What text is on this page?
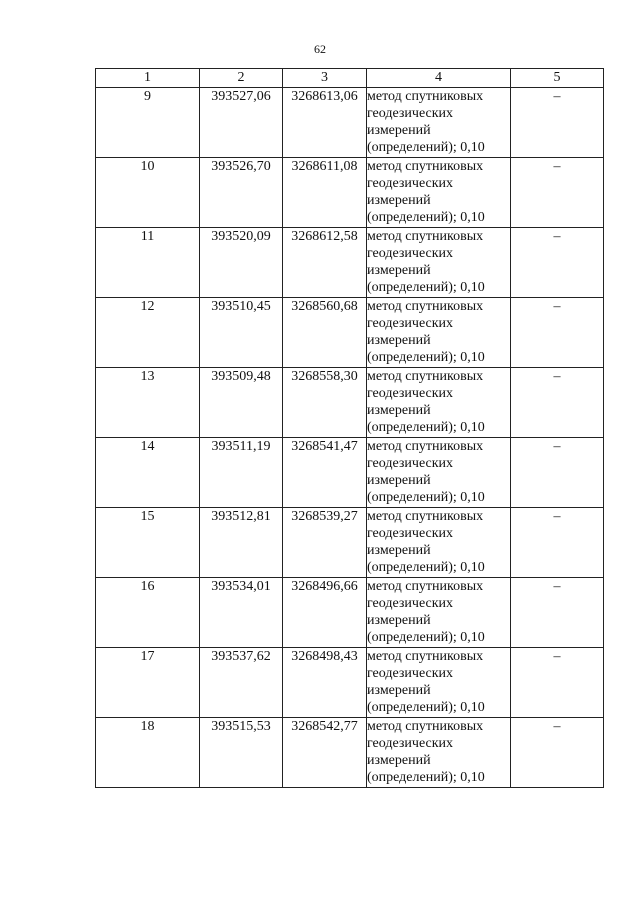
62
1	2	3	4	5
9	393527,06	3268613,06	метод спутниковых
геодезических
измерений
(определений); 0,10	–
10	393526,70	3268611,08	метод спутниковых
геодезических
измерений
(определений); 0,10	–
11	393520,09	3268612,58	метод спутниковых
геодезических
измерений
(определений); 0,10	–
12	393510,45	3268560,68	метод спутниковых
геодезических
измерений
(определений); 0,10	–
13	393509,48	3268558,30	метод спутниковых
геодезических
измерений
(определений); 0,10	–
14	393511,19	3268541,47	метод спутниковых
геодезических
измерений
(определений); 0,10	–
15	393512,81	3268539,27	метод спутниковых
геодезических
измерений
(определений); 0,10	–
16	393534,01	3268496,66	метод спутниковых
геодезических
измерений
(определений); 0,10	–
17	393537,62	3268498,43	метод спутниковых
геодезических
измерений
(определений); 0,10	–
18	393515,53	3268542,77	метод спутниковых
геодезических
измерений
(определений); 0,10	–
